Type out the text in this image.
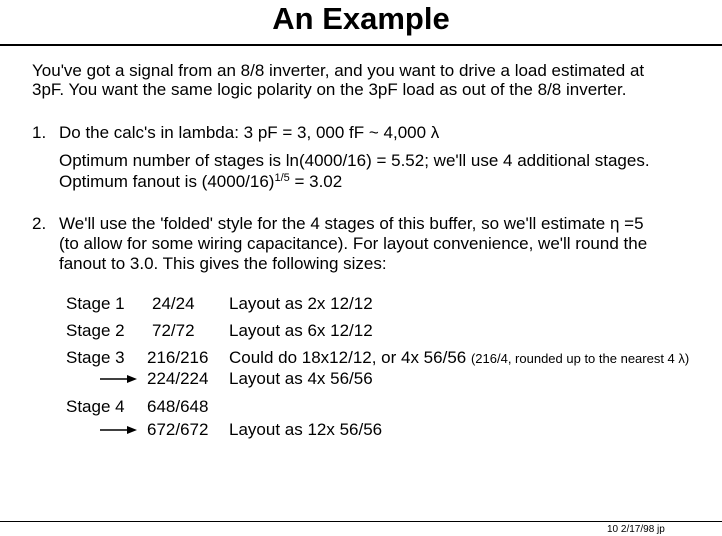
An Example
You've got a signal from an 8/8 inverter, and you want to drive a load estimated at
3pF. You want the same logic polarity on the 3pF load as out of the 8/8 inverter.
1. Do the calc's in lambda: 3 pF = 3, 000 fF ~ 4,000 λ
Optimum number of stages is ln(4000/16) = 5.52; we'll use 4 additional stages.
Optimum fanout is $(4000/16)^{1/5} = 3.02$
2. We'll use the 'folded' style for the 4 stages of this buffer, so we'll estimate η =5
(to allow for some wiring capacitance). For layout convenience, we'll round the
fanout to 3.0. This gives the following sizes:
Stage 1 24/24 Layout as 2x 12/12
Stage 2 72/72 Layout as 6x 12/12
Stage 3 216/216 Could do 18x12/12, or 4x 56/56 (216/4, rounded up to the nearest 4 λ)
224/224 Layout as 4x 56/56
Stage 4 648/648
672/672 Layout as 12x 56/56
10 2/17/98 jp
